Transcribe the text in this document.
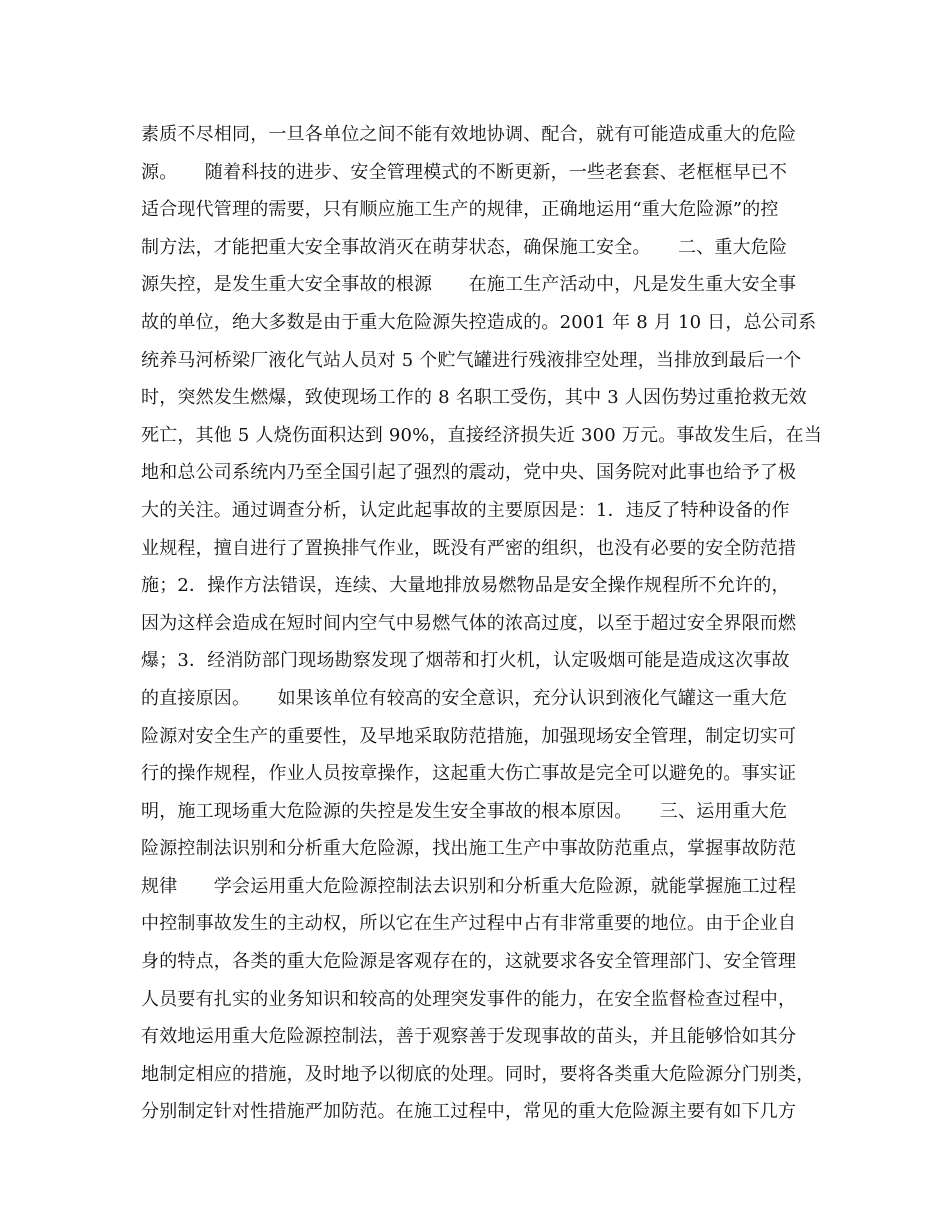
素质不尽相同，一旦各单位之间不能有效地协调、配合，就有可能造成重大的危险
源。　　随着科技的进步、安全管理模式的不断更新，一些老套套、老框框早已不
适合现代管理的需要，只有顺应施工生产的规律，正确地运用“重大危险源”的控
制方法，才能把重大安全事故消灭在萌芽状态，确保施工安全。　　二、重大危险
源失控，是发生重大安全事故的根源　　在施工生产活动中，凡是发生重大安全事
故的单位，绝大多数是由于重大危险源失控造成的。2001 年 8 月 10 日，总公司系
统养马河桥梁厂液化气站人员对 5 个贮气罐进行残液排空处理，当排放到最后一个
时，突然发生燃爆，致使现场工作的 8 名职工受伤，其中 3 人因伤势过重抢救无效
死亡，其他 5 人烧伤面积达到 90%，直接经济损失近 300 万元。事故发生后，在当
地和总公司系统内乃至全国引起了强烈的震动，党中央、国务院对此事也给予了极
大的关注。通过调查分析，认定此起事故的主要原因是：1．违反了特种设备的作
业规程，擅自进行了置换排气作业，既没有严密的组织，也没有必要的安全防范措
施；2．操作方法错误，连续、大量地排放易燃物品是安全操作规程所不允许的，
因为这样会造成在短时间内空气中易燃气体的浓高过度，以至于超过安全界限而燃
爆；3．经消防部门现场勘察发现了烟蒂和打火机，认定吸烟可能是造成这次事故
的直接原因。　　如果该单位有较高的安全意识，充分认识到液化气罐这一重大危
险源对安全生产的重要性，及早地采取防范措施，加强现场安全管理，制定切实可
行的操作规程，作业人员按章操作，这起重大伤亡事故是完全可以避免的。事实证
明，施工现场重大危险源的失控是发生安全事故的根本原因。　　三、运用重大危
险源控制法识别和分析重大危险源，找出施工生产中事故防范重点，掌握事故防范
规律　　学会运用重大危险源控制法去识别和分析重大危险源，就能掌握施工过程
中控制事故发生的主动权，所以它在生产过程中占有非常重要的地位。由于企业自
身的特点，各类的重大危险源是客观存在的，这就要求各安全管理部门、安全管理
人员要有扎实的业务知识和较高的处理突发事件的能力，在安全监督检查过程中，
有效地运用重大危险源控制法，善于观察善于发现事故的苗头，并且能够恰如其分
地制定相应的措施，及时地予以彻底的处理。同时，要将各类重大危险源分门别类，
分别制定针对性措施严加防范。在施工过程中，常见的重大危险源主要有如下几方
